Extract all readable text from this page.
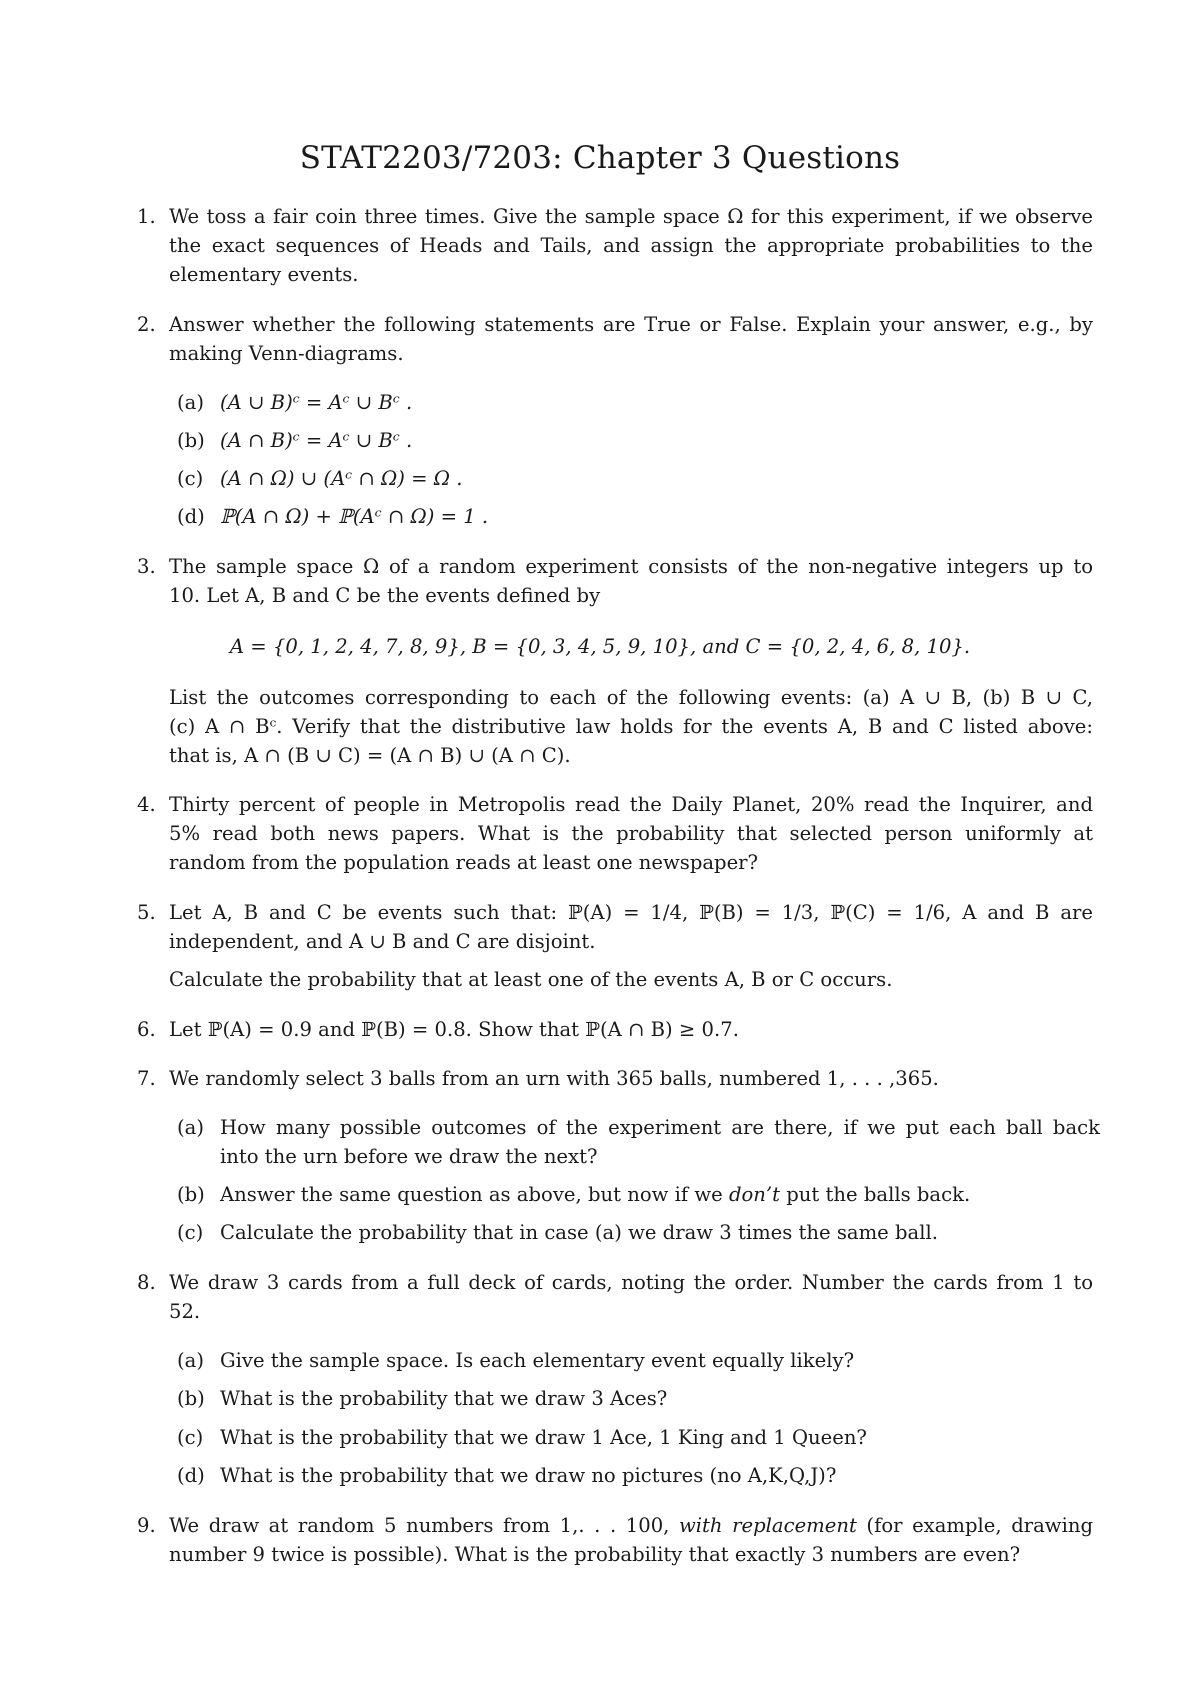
STAT2203/7203: Chapter 3 Questions
1. We toss a fair coin three times. Give the sample space Ω for this experiment, if we observe
the exact sequences of Heads and Tails, and assign the appropriate probabilities to the
elementary events.
2. Answer whether the following statements are True or False. Explain your answer, e.g., by
making Venn-diagrams.
(a) (A ∪ B)ᶜ = Aᶜ ∪ Bᶜ .
(b) (A ∩ B)ᶜ = Aᶜ ∪ Bᶜ .
(c) (A ∩ Ω) ∪ (Aᶜ ∩ Ω) = Ω .
(d) ℙ(A ∩ Ω) + ℙ(Aᶜ ∩ Ω) = 1 .
3. The sample space Ω of a random experiment consists of the non-negative integers up to
10. Let A, B and C be the events defined by
A = {0, 1, 2, 4, 7, 8, 9}, B = {0, 3, 4, 5, 9, 10}, and C = {0, 2, 4, 6, 8, 10}.
List the outcomes corresponding to each of the following events: (a) A ∪ B, (b) B ∪ C,
(c) A ∩ Bᶜ. Verify that the distributive law holds for the events A, B and C listed above:
that is, A ∩ (B ∪ C) = (A ∩ B) ∪ (A ∩ C).
4. Thirty percent of people in Metropolis read the Daily Planet, 20% read the Inquirer, and
5% read both news papers. What is the probability that selected person uniformly at
random from the population reads at least one newspaper?
5. Let A, B and C be events such that: ℙ(A) = 1/4, ℙ(B) = 1/3, ℙ(C) = 1/6, A and B are
independent, and A ∪ B and C are disjoint.
Calculate the probability that at least one of the events A, B or C occurs.
6. Let ℙ(A) = 0.9 and ℙ(B) = 0.8. Show that ℙ(A ∩ B) ≥ 0.7.
7. We randomly select 3 balls from an urn with 365 balls, numbered 1, . . . ,365.
(a) How many possible outcomes of the experiment are there, if we put each ball back
into the urn before we draw the next?
(b) Answer the same question as above, but now if we don’t put the balls back.
(c) Calculate the probability that in case (a) we draw 3 times the same ball.
8. We draw 3 cards from a full deck of cards, noting the order. Number the cards from 1 to
52.
(a) Give the sample space. Is each elementary event equally likely?
(b) What is the probability that we draw 3 Aces?
(c) What is the probability that we draw 1 Ace, 1 King and 1 Queen?
(d) What is the probability that we draw no pictures (no A,K,Q,J)?
9. We draw at random 5 numbers from 1,. . . 100, with replacement (for example, drawing
number 9 twice is possible). What is the probability that exactly 3 numbers are even?
